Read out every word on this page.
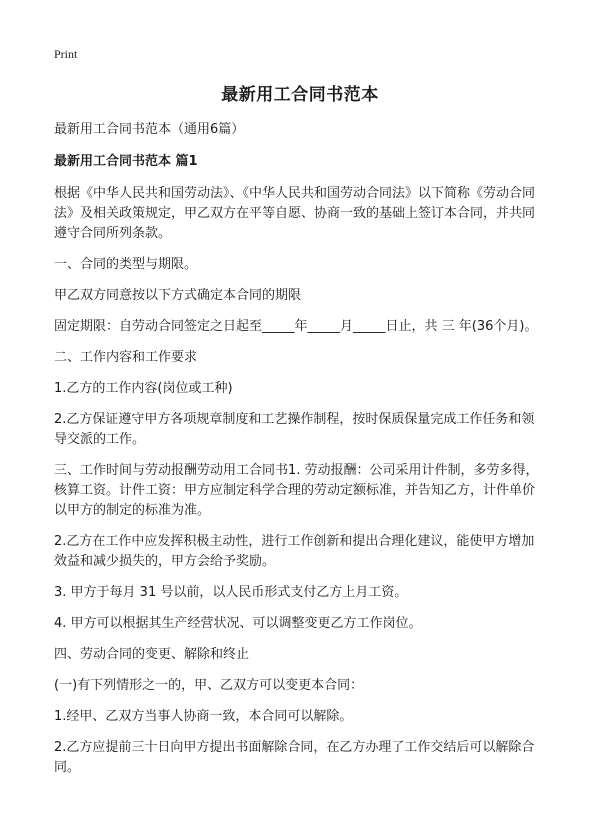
Print
最新用工合同书范本

最新用工合同书范本（通用6篇）

最新用工合同书范本 篇1

根据《中华人民共和国劳动法》、《中华人民共和国劳动合同法》以下简称《劳动合同法》及相关政策规定，甲乙双方在平等自愿、协商一致的基础上签订本合同，并共同遵守合同所列条款。

一、合同的类型与期限。

甲乙双方同意按以下方式确定本合同的期限

固定期限：自劳动合同签定之日起至_____年_____月_____日止，共 三 年(36个月)。

二、工作内容和工作要求

1.乙方的工作内容(岗位或工种)

2.乙方保证遵守甲方各项规章制度和工艺操作制程，按时保质保量完成工作任务和领导交派的工作。

三、工作时间与劳动报酬劳动用工合同书1. 劳动报酬：公司采用计件制，多劳多得，核算工资。计件工资：甲方应制定科学合理的劳动定额标准，并告知乙方，计件单价以甲方的制定的标准为准。

2.乙方在工作中应发挥积极主动性，进行工作创新和提出合理化建议，能使甲方增加效益和减少损失的，甲方会给予奖励。

3. 甲方于每月 31 号以前，以人民币形式支付乙方上月工资。

4. 甲方可以根据其生产经营状况、可以调整变更乙方工作岗位。

四、劳动合同的变更、解除和终止

(一)有下列情形之一的，甲、乙双方可以变更本合同：

1.经甲、乙双方当事人协商一致，本合同可以解除。

2.乙方应提前三十日向甲方提出书面解除合同，在乙方办理了工作交结后可以解除合同。
